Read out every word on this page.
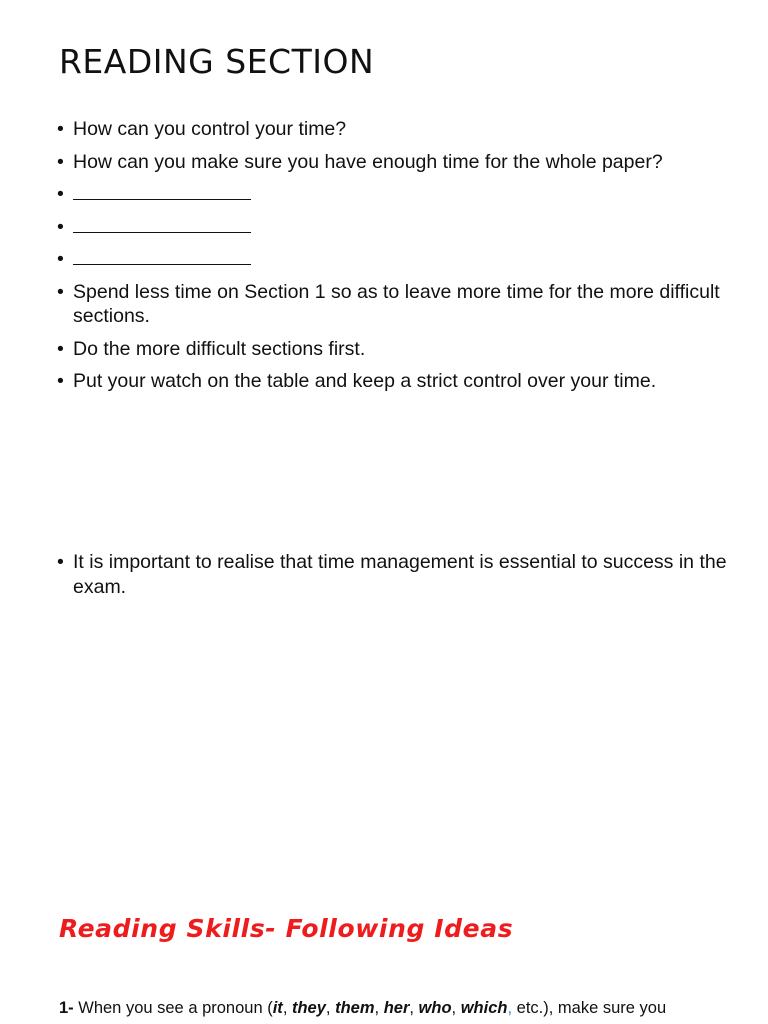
READING SECTION
• How can you control your time?
• How can you make sure you have enough time for the whole paper?
•
•
•
• Spend less time on Section 1 so as to leave more time for the more difficult sections.
• Do the more difficult sections first.
• Put your watch on the table and keep a strict control over your time.
• It is important to realise that time management is essential to success in the exam.
Reading Skills- Following Ideas

1- When you see a pronoun (it, they, them, her, who, which, etc.), make sure you
